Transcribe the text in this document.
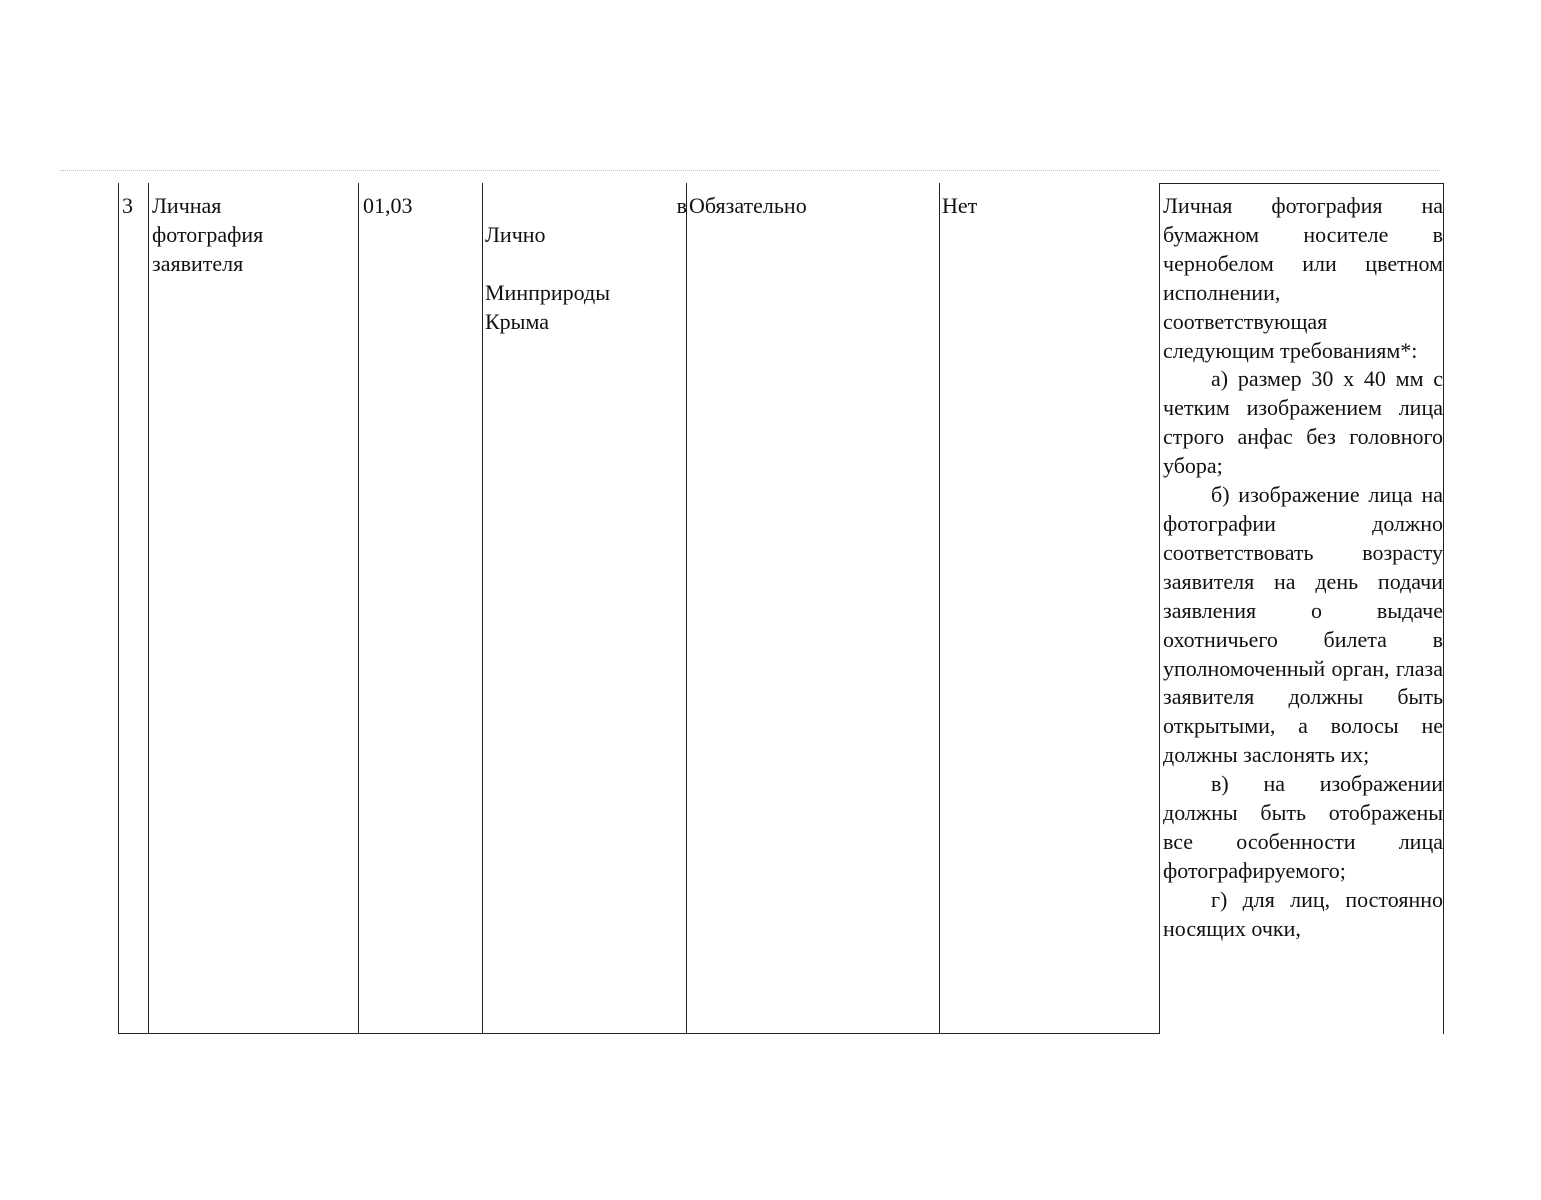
3 Личная
фотография
заявителя
01,03

Лично

в

Минприроды
Крыма

Обязательно	Нет	Личная фотография на бумажном носителе в чернобелом или цветном исполнении, соответствующая следующим требованиям*:

а) размер 30 х 40 мм с четким изображением лица строго анфас без головного убора;

б) изображение лица на фотографии должно соответствовать возрасту заявителя на день подачи заявления о выдаче охотничьего билета в уполномоченный орган, глаза заявителя должны быть открытыми, а волосы не должны заслонять их;

в) на изображении должны быть отображены все особенности лица фотографируемого;

г) для лиц, постоянно носящих очки,
